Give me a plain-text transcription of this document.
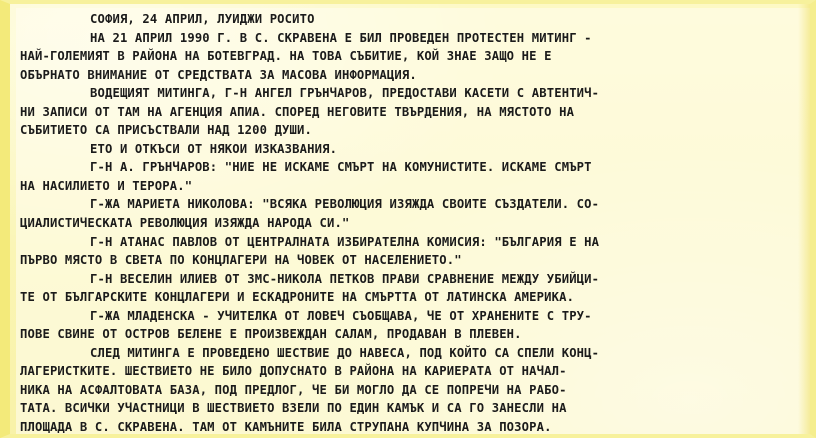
СОФИЯ, 24 АПРИЛ, ЛУИДЖИ РОСИТО
НА 21 АПРИЛ 1990 Г. В С. СКРАВЕНА Е БИЛ ПРОВЕДЕН ПРОТЕСТЕН МИТИНГ -
НАЙ-ГОЛЕМИЯТ В РАЙОНА НА БОТЕВГРАД. НА ТОВА СЪБИТИЕ, КОЙ ЗНАЕ ЗАЩО НЕ Е
ОБЪРНАТО ВНИМАНИЕ ОТ СРЕДСТВАТА ЗА МАСОВА ИНФОРМАЦИЯ.
ВОДЕЩИЯТ МИТИНГА, Г-Н АНГЕЛ ГРЪНЧАРОВ, ПРЕДОСТАВИ КАСЕТИ С АВТЕНТИЧ-
НИ ЗАПИСИ ОТ ТАМ НА АГЕНЦИЯ АПИА. СПОРЕД НЕГОВИТЕ ТВЪРДЕНИЯ, НА МЯСТОТО НА
СЪБИТИЕТО СА ПРИСЪСТВАЛИ НАД 1200 ДУШИ.
ЕТО И ОТКЪСИ ОТ НЯКОИ ИЗКАЗВАНИЯ.
Г-Н А. ГРЪНЧАРОВ: "НИЕ НЕ ИСКАМЕ СМЪРТ НА КОМУНИСТИТЕ. ИСКАМЕ СМЪРТ
НА НАСИЛИЕТО И ТЕРОРА."
Г-ЖА МАРИЕТА НИКОЛОВА: "ВСЯКА РЕВОЛЮЦИЯ ИЗЯЖДА СВОИТЕ СЪЗДАТЕЛИ. СО-
ЦИАЛИСТИЧЕСКАТА РЕВОЛЮЦИЯ ИЗЯЖДА НАРОДА СИ."
Г-Н АТАНАС ПАВЛОВ ОТ ЦЕНТРАЛНАТА ИЗБИРАТЕЛНА КОМИСИЯ: "БЪЛГАРИЯ Е НА
ПЪРВО МЯСТО В СВЕТА ПО КОНЦЛАГЕРИ НА ЧОВЕК ОТ НАСЕЛЕНИЕТО."
Г-Н ВЕСЕЛИН ИЛИЕВ ОТ ЗМС-НИКОЛА ПЕТКОВ ПРАВИ СРАВНЕНИЕ МЕЖДУ УБИЙЦИ-
ТЕ ОТ БЪЛГАРСКИТЕ КОНЦЛАГЕРИ И ЕСКАДРОНИТЕ НА СМЪРТТА ОТ ЛАТИНСКА АМЕРИКА.
Г-ЖА МЛАДЕНСКА - УЧИТЕЛКА ОТ ЛОВЕЧ СЪОБЩАВА, ЧЕ ОТ ХРАНЕНИТЕ С ТРУ-
ПОВЕ СВИНЕ ОТ ОСТРОВ БЕЛЕНЕ Е ПРОИЗВЕЖДАН САЛАМ, ПРОДАВАН В ПЛЕВЕН.
СЛЕД МИТИНГА Е ПРОВЕДЕНО ШЕСТВИЕ ДО НАВЕСА, ПОД КОЙТО СА СПЕЛИ КОНЦ-
ЛАГЕРИСТКИТЕ. ШЕСТВИЕТО НЕ БИЛО ДОПУСНАТО В РАЙОНА НА КАРИЕРАТА ОТ НАЧАЛ-
НИКА НА АСФАЛТОВАТА БАЗА, ПОД ПРЕДЛОГ, ЧЕ БИ МОГЛО ДА СЕ ПОПРЕЧИ НА РАБО-
ТАТА. ВСИЧКИ УЧАСТНИЦИ В ШЕСТВИЕТО ВЗЕЛИ ПО ЕДИН КАМЪК И СА ГО ЗАНЕСЛИ НА
ПЛОЩАДА В С. СКРАВЕНА. ТАМ ОТ КАМЪНИТЕ БИЛА СТРУПАНА КУПЧИНА ЗА ПОЗОРА.
